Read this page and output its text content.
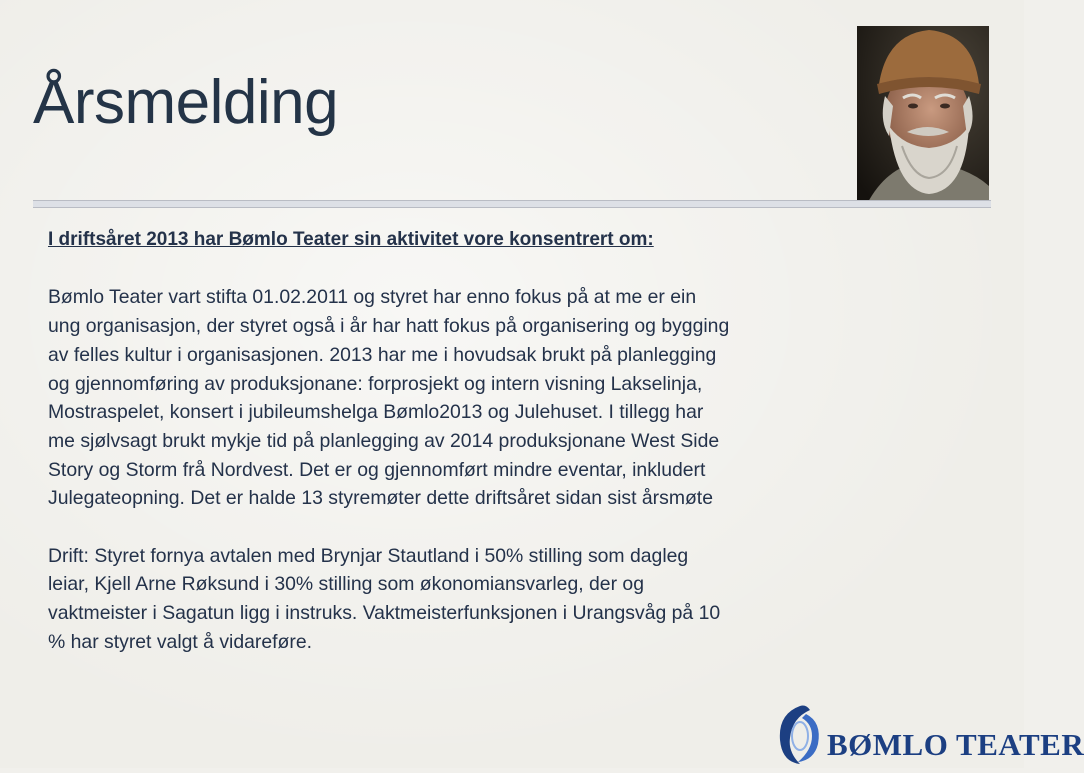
Årsmelding
I driftsåret 2013 har Bømlo Teater sin aktivitet vore konsentrert om:
Bømlo Teater vart stifta 01.02.2011 og styret har enno fokus på at me er ein
ung organisasjon, der styret også i år har hatt fokus på organisering og bygging
av felles kultur i organisasjonen. 2013 har me i hovudsak brukt på planlegging
og gjennomføring av produksjonane: forprosjekt og intern visning Lakselinja,
Mostraspelet, konsert i jubileumshelga Bømlo2013 og Julehuset. I tillegg har
me sjølvsagt brukt mykje tid på planlegging av 2014 produksjonane West Side
Story og Storm frå Nordvest. Det er og gjennomført mindre eventar, inkludert
Julegateopning. Det er halde 13 styremøter dette driftsåret sidan sist årsmøte
Drift: Styret fornya avtalen med Brynjar Stautland i 50% stilling som dagleg
leiar, Kjell Arne Røksund i 30% stilling som økonomiansvarleg, der og
vaktmeister i Sagatun ligg i instruks. Vaktmeisterfunksjonen i Urangsvåg på 10
% har styret valgt å vidareføre.
BØMLO TEATER
